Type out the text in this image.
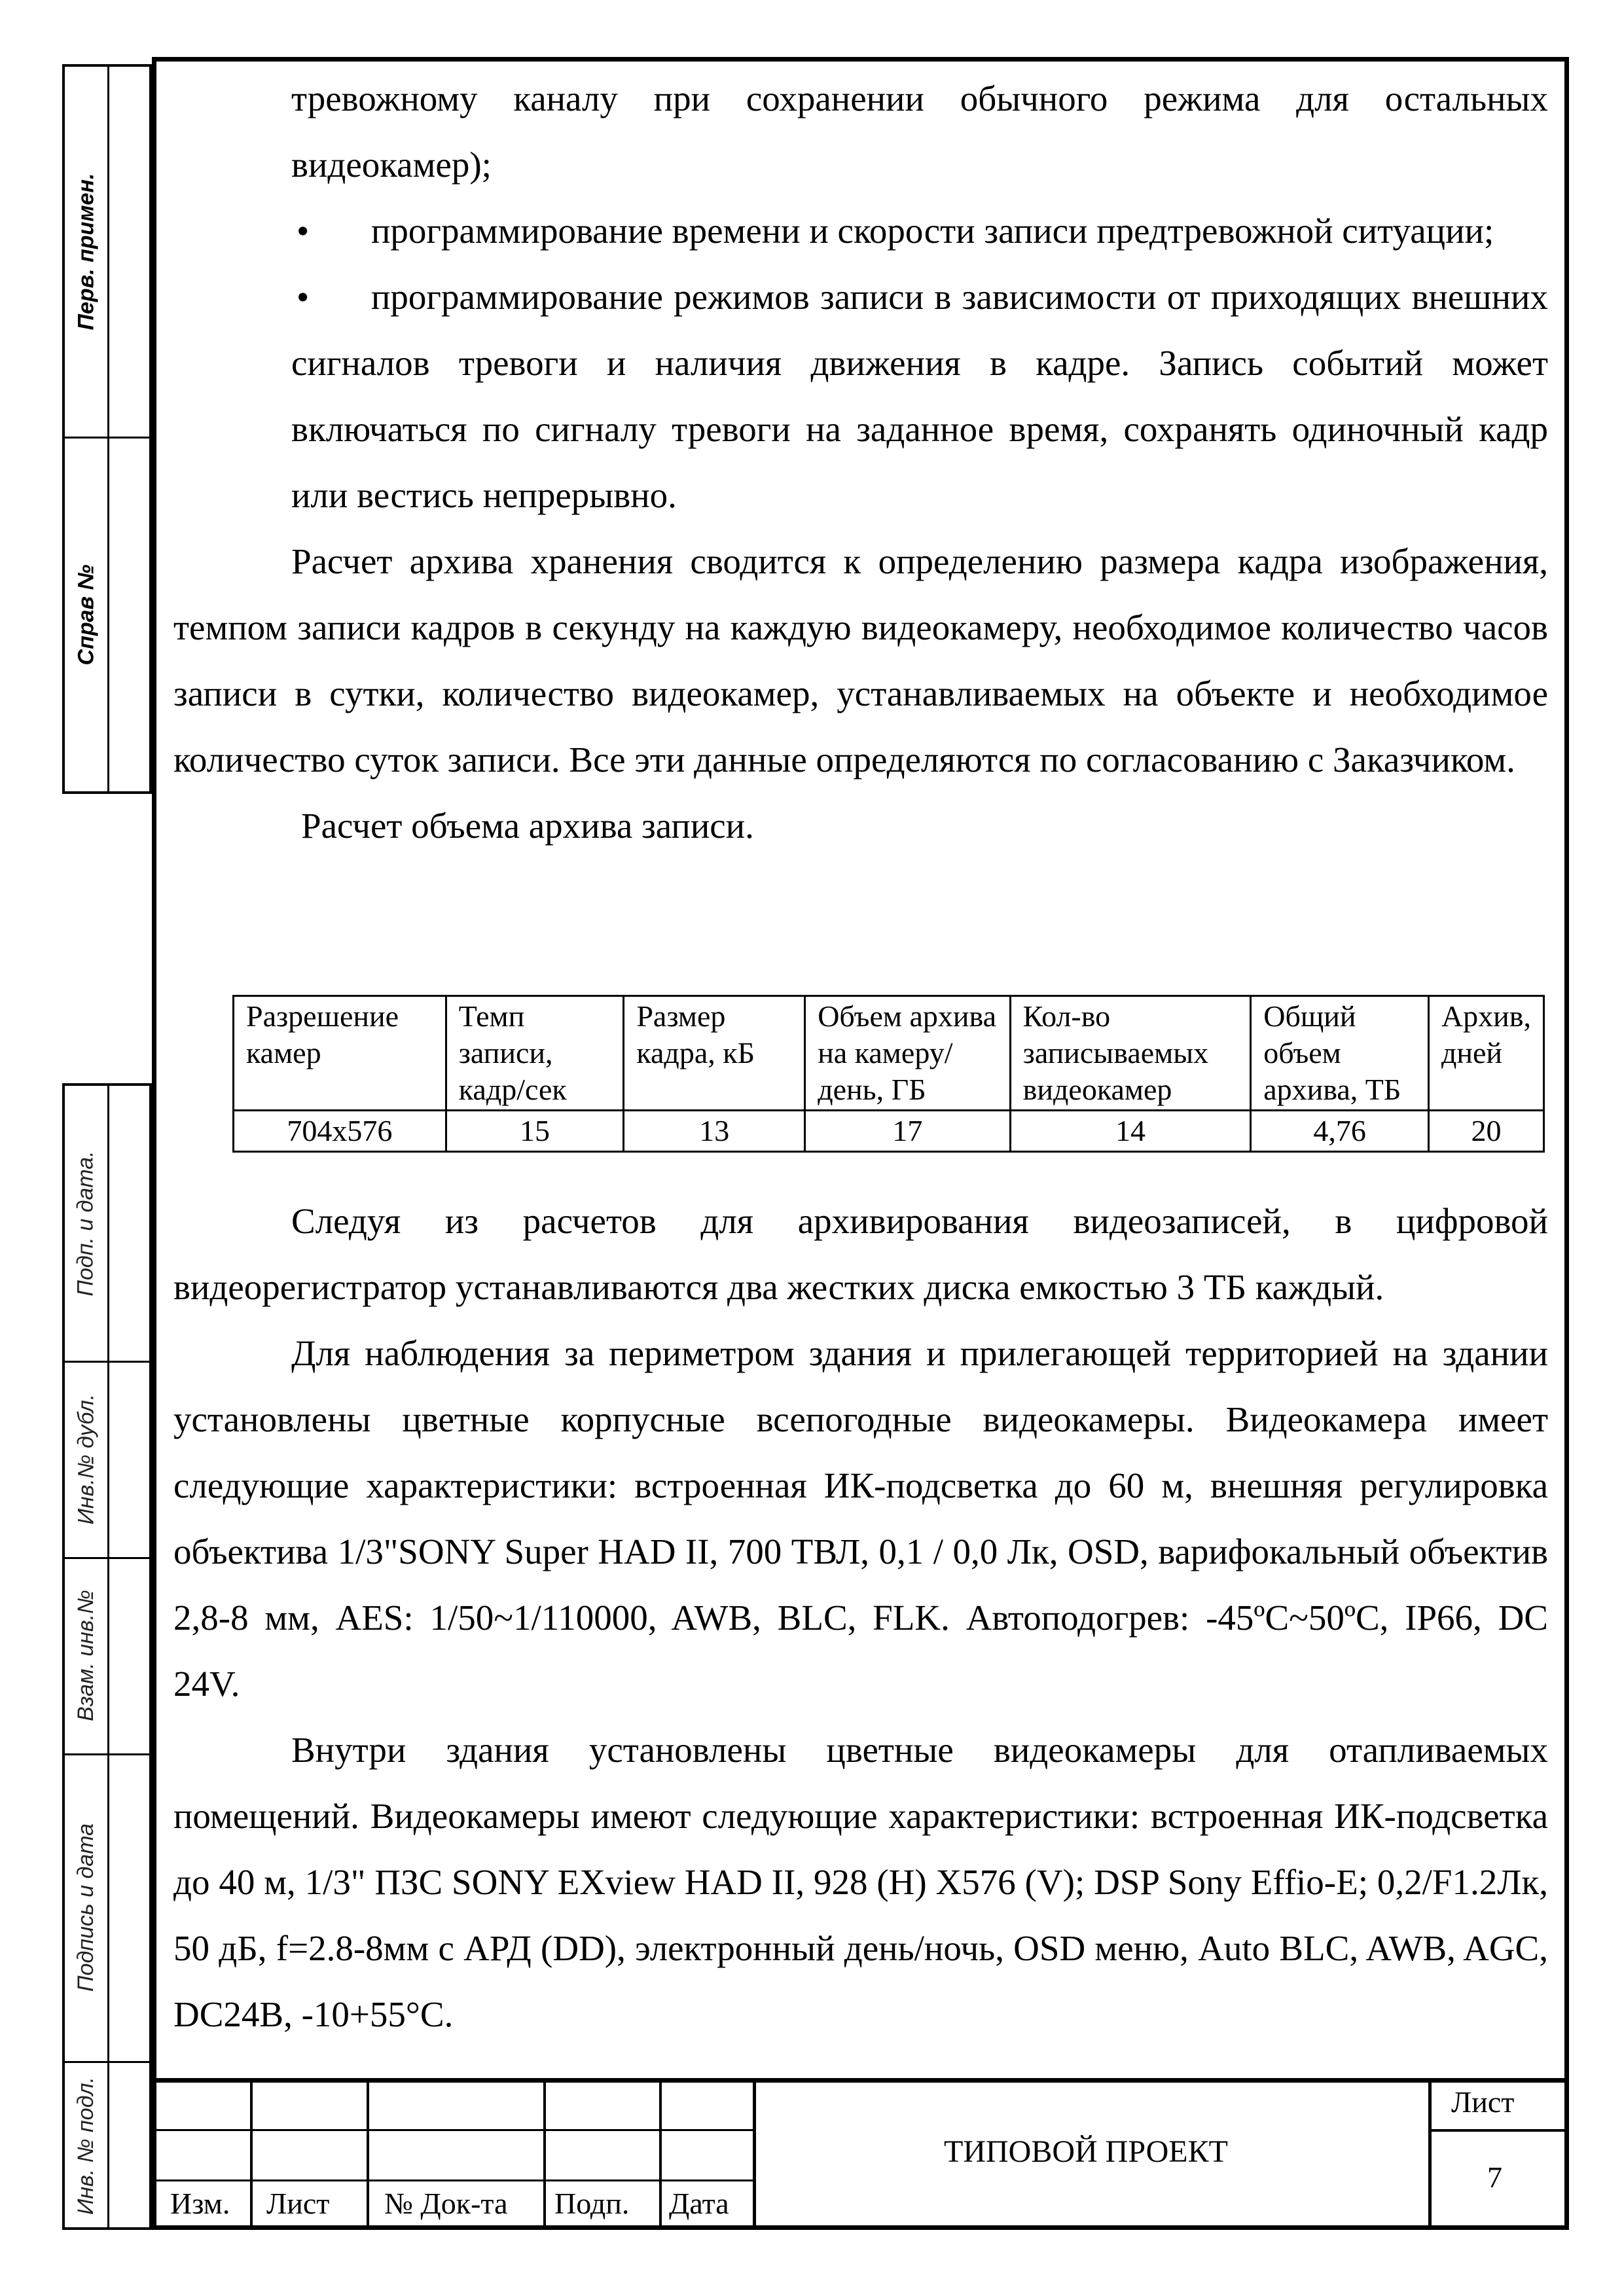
Перв. примен.
Справ №
Подп. и дата.
Инв.№ дубл.
Взам. инв.№
Подпись и дата
Инв. № подл.

тревожному каналу при сохранении обычного режима для остальных видеокамер);

•	программирование времени и скорости записи предтревожной ситуации;

•	программирование режимов записи в зависимости от приходящих внешних сигналов тревоги и наличия движения в кадре. Запись событий может включаться по сигналу тревоги на заданное время, сохранять одиночный кадр или вестись непрерывно.

Расчет архива хранения сводится к определению размера кадра изображения, темпом записи кадров в секунду на каждую видеокамеру, необходимое количество часов записи в сутки, количество видеокамер, устанавливаемых на объекте и необходимое количество суток записи. Все эти данные определяются по согласованию с Заказчиком.

Расчет объема архива записи.

Разрешение камер	Темп записи, кадр/сек	Размер кадра, кБ	Объем архива на камеру/день, ГБ	Кол-во записываемых видеокамер	Общий объем архива, ТБ	Архив, дней
704x576	15	13	17	14	4,76	20

Следуя из расчетов для архивирования видеозаписей, в цифровой видеорегистратор устанавливаются два жестких диска емкостью 3 ТБ каждый.

Для наблюдения за периметром здания и прилегающей территорией на здании установлены цветные корпусные всепогодные видеокамеры. Видеокамера имеет следующие характеристики: встроенная ИК-подсветка до 60 м, внешняя регулировка объектива 1/3"SONY Super HAD II, 700 ТВЛ, 0,1 / 0,0 Лк, OSD, варифокальный объектив 2,8-8 мм, AES: 1/50~1/110000, AWB, BLC, FLK. Автоподогрев: -45ºC~50ºC, IP66, DC 24V.

Внутри здания установлены цветные видеокамеры для отапливаемых помещений. Видеокамеры имеют следующие характеристики: встроенная ИК-подсветка до 40 м, 1/3" ПЗС SONY EXview HAD II, 928 (H) X576 (V); DSP Sony Effio-E; 0,2/F1.2Лк, 50 дБ, f=2.8-8мм с АРД (DD), электронный день/ночь, OSD меню, Auto BLC, AWB, AGC, DC24В, -10+55°С.

Изм. Лист № Док-та Подп. Дата
ТИПОВОЙ ПРОЕКТ
Лист
7
